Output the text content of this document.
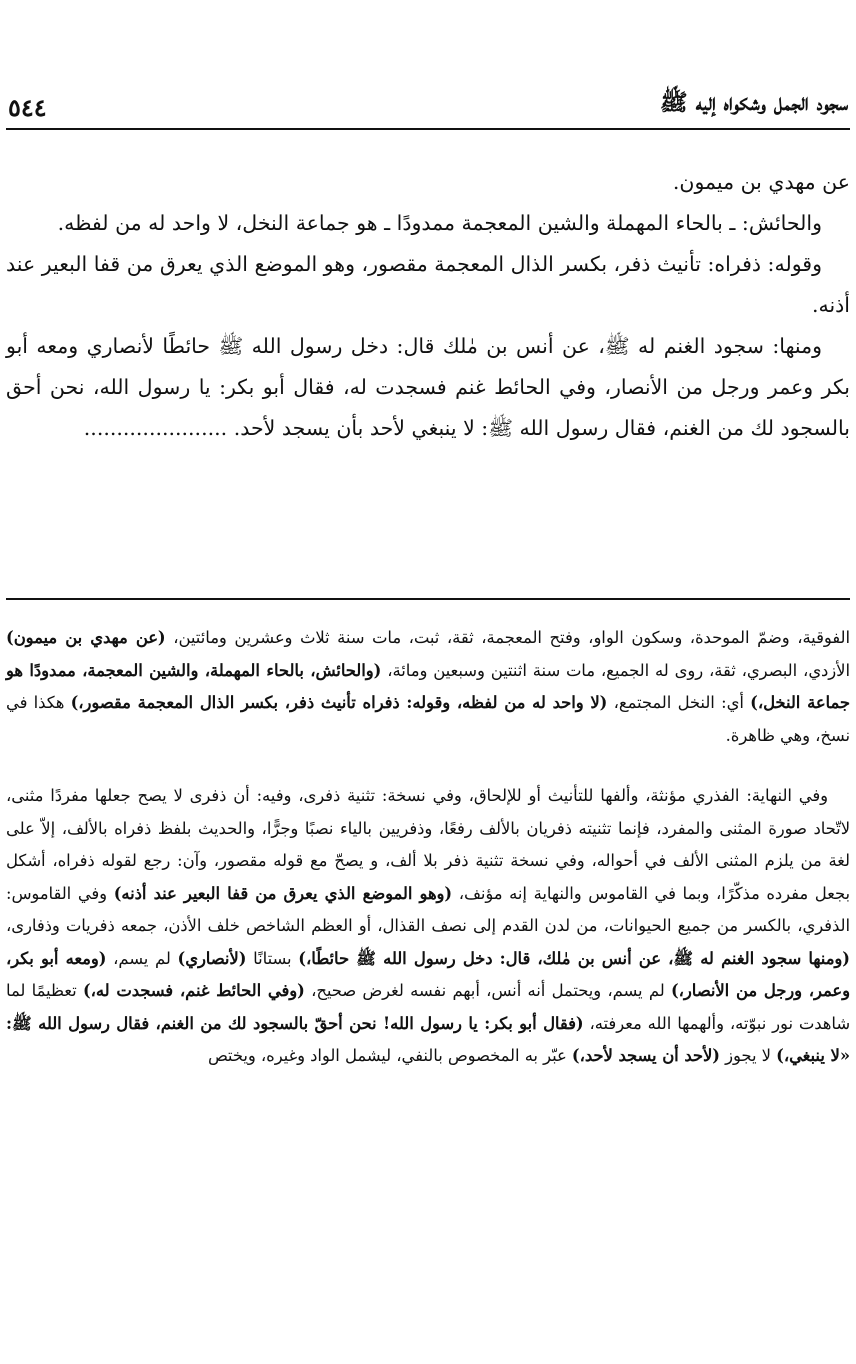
سجود الجمل وشكواه إليه ﷺ
٥٤٤

عن مهدي بن ميمون.

والحائش: ـ بالحاء المهملة والشين المعجمة ممدودًا ـ هو جماعة النخل، لا واحد له من لفظه.

وقوله: ذفراه: تأنيث ذفر، بكسر الذال المعجمة مقصور، وهو الموضع الذي يعرق من قفا البعير عند أذنه.

ومنها: سجود الغنم له ﷺ، عن أنس بن مٰلك قال: دخل رسول الله ﷺ حائطًا لأنصاري ومعه أبو بكر وعمر ورجل من الأنصار، وفي الحائط غنم فسجدت له، فقال أبو بكر: يا رسول الله، نحن أحق بالسجود لك من الغنم، فقال رسول الله ﷺ: لا ينبغي لأحد بأن يسجد لأحد. ......................

الفوقية، وضمّ الموحدة، وسكون الواو، وفتح المعجمة، ثقة، ثبت، مات سنة ثلاث وعشرين ومائتين، (عن مهدي بن ميمون) الأزدي، البصري، ثقة، روى له الجميع، مات سنة اثنتين وسبعين ومائة، (والحائش، بالحاء المهملة، والشين المعجمة، ممدودًا هو جماعة النخل،) أي: النخل المجتمع، (لا واحد له من لفظه، وقوله: ذفراه تأنيث ذفر، بكسر الذال المعجمة مقصور،) هكذا في نسخ، وهي ظاهرة.

وفي النهاية: الفذري مؤنثة، وألفها للتأنيث أو للإلحاق، وفي نسخة: تثنية ذفرى، وفيه: أن ذفرى لا يصح جعلها مفردًا مثنى، لاتّحاد صورة المثنى والمفرد، فإنما تثنيته ذفريان بالألف رفعًا، وذفريين بالياء نصبًا وجرًّا، والحديث بلفظ ذفراه بالألف، إلاّ على لغة من يلزم المثنى الألف في أحواله، وفي نسخة تثنية ذفر بلا ألف، و يصحّ مع قوله مقصور، وآن: رجع لقوله ذفراه، أشكل بجعل مفرده مذكّرًا، وبما في القاموس والنهاية إنه مؤنف، (وهو الموضع الذي يعرق من قفا البعير عند أذنه) وفي القاموس: الذفري، بالكسر من جميع الحيوانات، من لدن القدم إلى نصف القذال، أو العظم الشاخص خلف الأذن، جمعه ذفريات وذفارى، (ومنها سجود الغنم له ﷺ، عن أنس بن مٰلك، قال: دخل رسول الله ﷺ حائطًا،) بستانًا (لأنصاري) لم يسم، (ومعه أبو بكر، وعمر، ورجل من الأنصار،) لم يسم، ويحتمل أنه أنس، أبهم نفسه لغرض صحيح، (وفي الحائط غنم، فسجدت له،) تعظيمًا لما شاهدت نور نبوّته، وألهمها الله معرفته، (فقال أبو بكر: يا رسول الله! نحن أحقّ بالسجود لك من الغنم، فقال رسول الله ﷺ: «لا ينبغي،) لا يجوز (لأحد أن يسجد لأحد،) عبّر به المخصوص بالنفي، ليشمل الواد وغيره، ويختص
